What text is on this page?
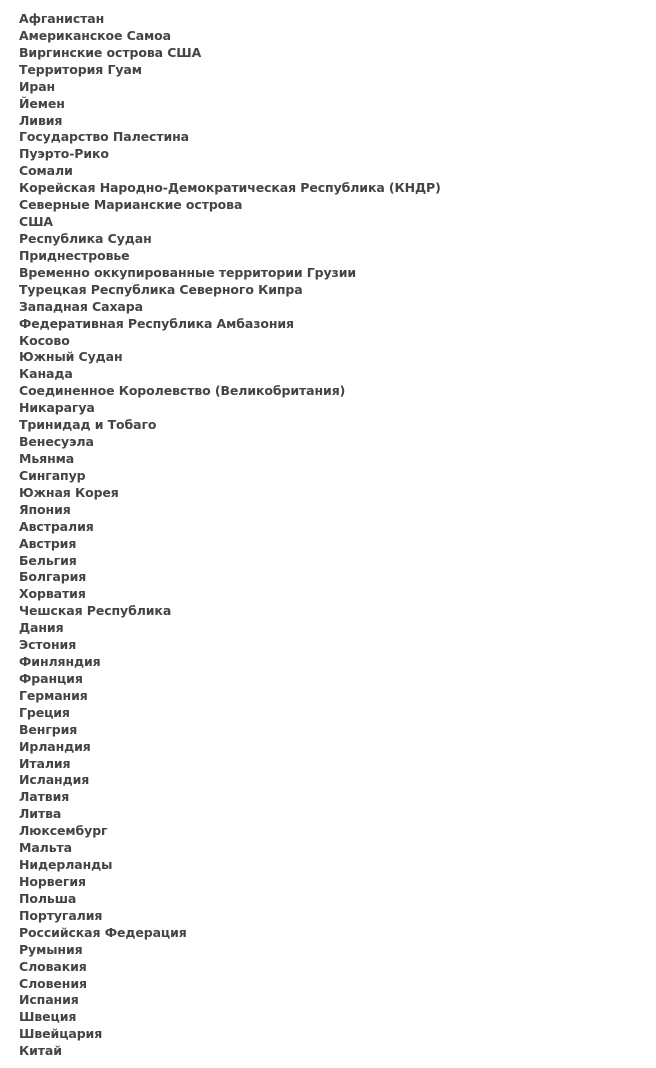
Афганистан
Американское Самоа
Виргинские острова США
Территория Гуам
Иран
Йемен
Ливия
Государство Палестина
Пуэрто-Рико
Сомали
Корейская Народно-Демократическая Республика (КНДР)
Северные Марианские острова
США
Республика Судан
Приднестровье
Временно оккупированные территории Грузии
Турецкая Республика Северного Кипра
Западная Сахара
Федеративная Республика Амбазония
Косово
Южный Судан
Канада
Соединенное Королевство (Великобритания)
Никарагуа
Тринидад и Тобаго
Венесуэла
Мьянма
Сингапур
Южная Корея
Япония
Австралия
Австрия
Бельгия
Болгария
Хорватия
Чешская Республика
Дания
Эстония
Финляндия
Франция
Германия
Греция
Венгрия
Ирландия
Италия
Исландия
Латвия
Литва
Люксембург
Мальта
Нидерланды
Норвегия
Польша
Португалия
Российская Федерация
Румыния
Словакия
Словения
Испания
Швеция
Швейцария
Китай
